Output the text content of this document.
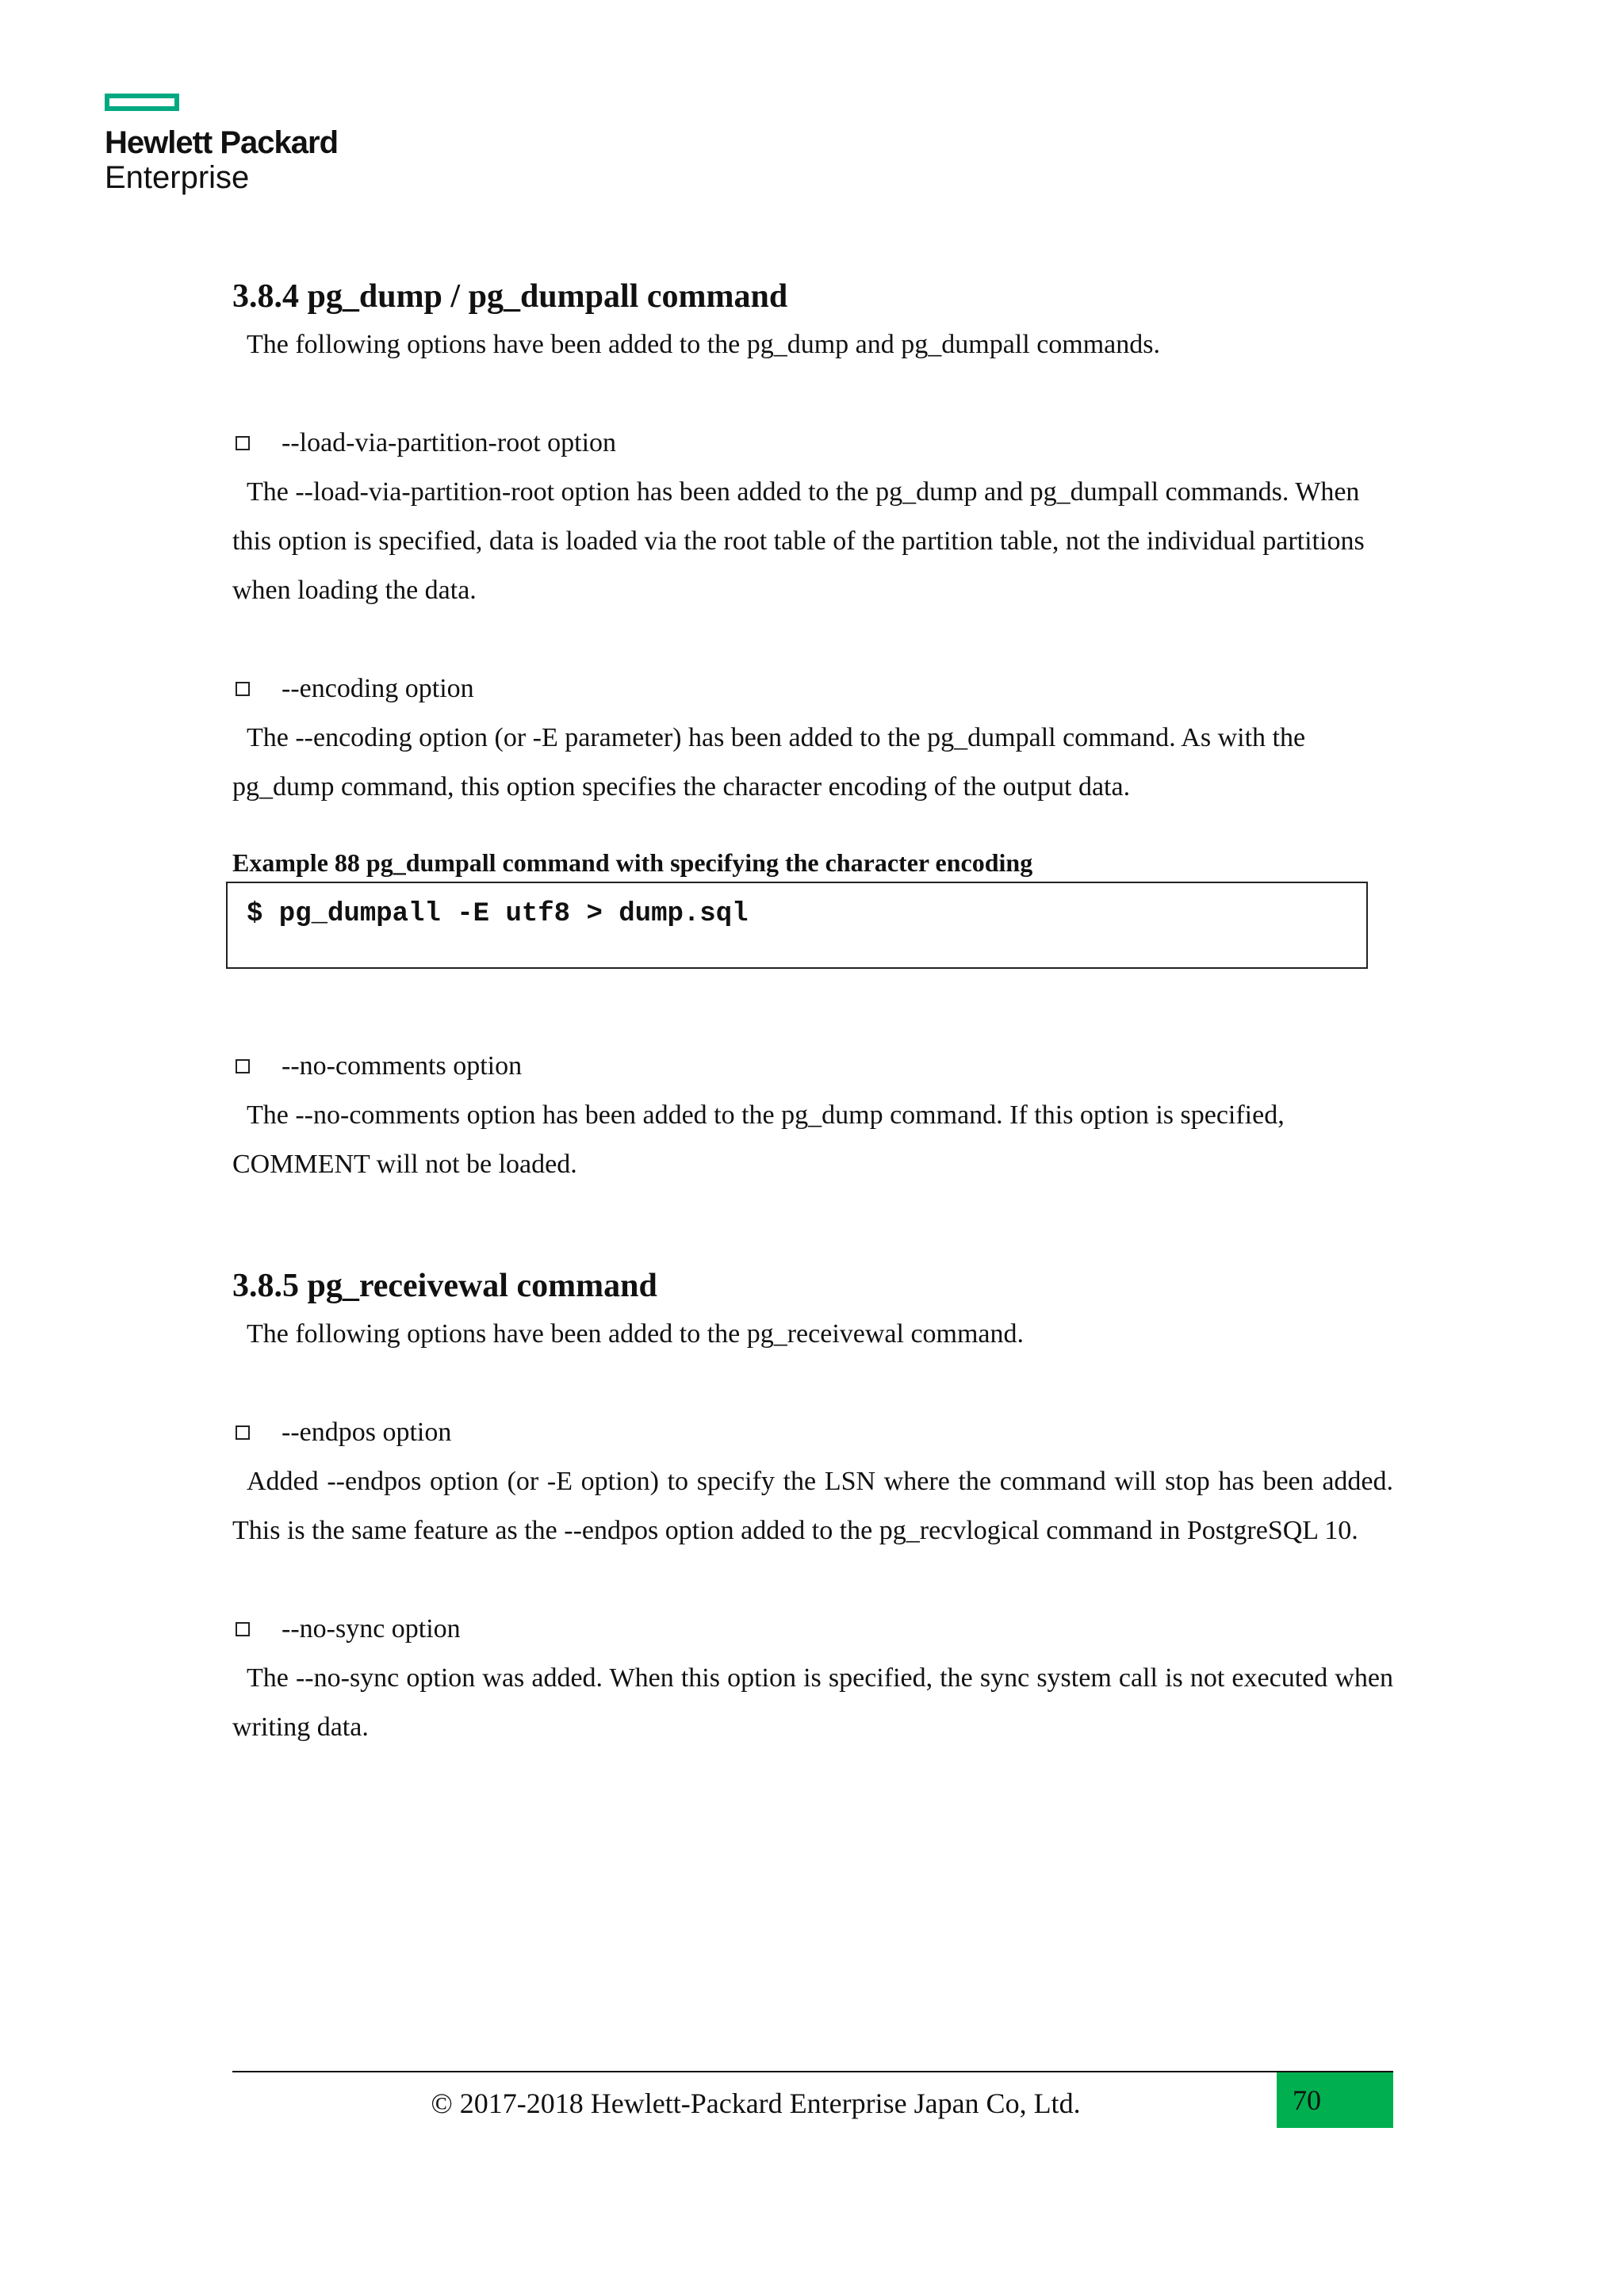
Hewlett Packard
Enterprise
3.8.4 pg_dump / pg_dumpall command

The following options have been added to the pg_dump and pg_dumpall commands.

--load-via-partition-root option

The --load-via-partition-root option has been added to the pg_dump and pg_dumpall commands. When this option is specified, data is loaded via the root table of the partition table, not the individual partitions when loading the data.

--encoding option

The --encoding option (or -E parameter) has been added to the pg_dumpall command. As with the pg_dump command, this option specifies the character encoding of the output data.

Example 88 pg_dumpall command with specifying the character encoding

$ pg_dumpall -E utf8 > dump.sql
--no-comments option

The --no-comments option has been added to the pg_dump command. If this option is specified, COMMENT will not be loaded.

3.8.5 pg_receivewal command

The following options have been added to the pg_receivewal command.

--endpos option

Added --endpos option (or -E option) to specify the LSN where the command will stop has been added. This is the same feature as the --endpos option added to the pg_recvlogical command in PostgreSQL 10.

--no-sync option

The --no-sync option was added. When this option is specified, the sync system call is not executed when writing data.

© 2017-2018 Hewlett-Packard Enterprise Japan Co, Ltd.	70
